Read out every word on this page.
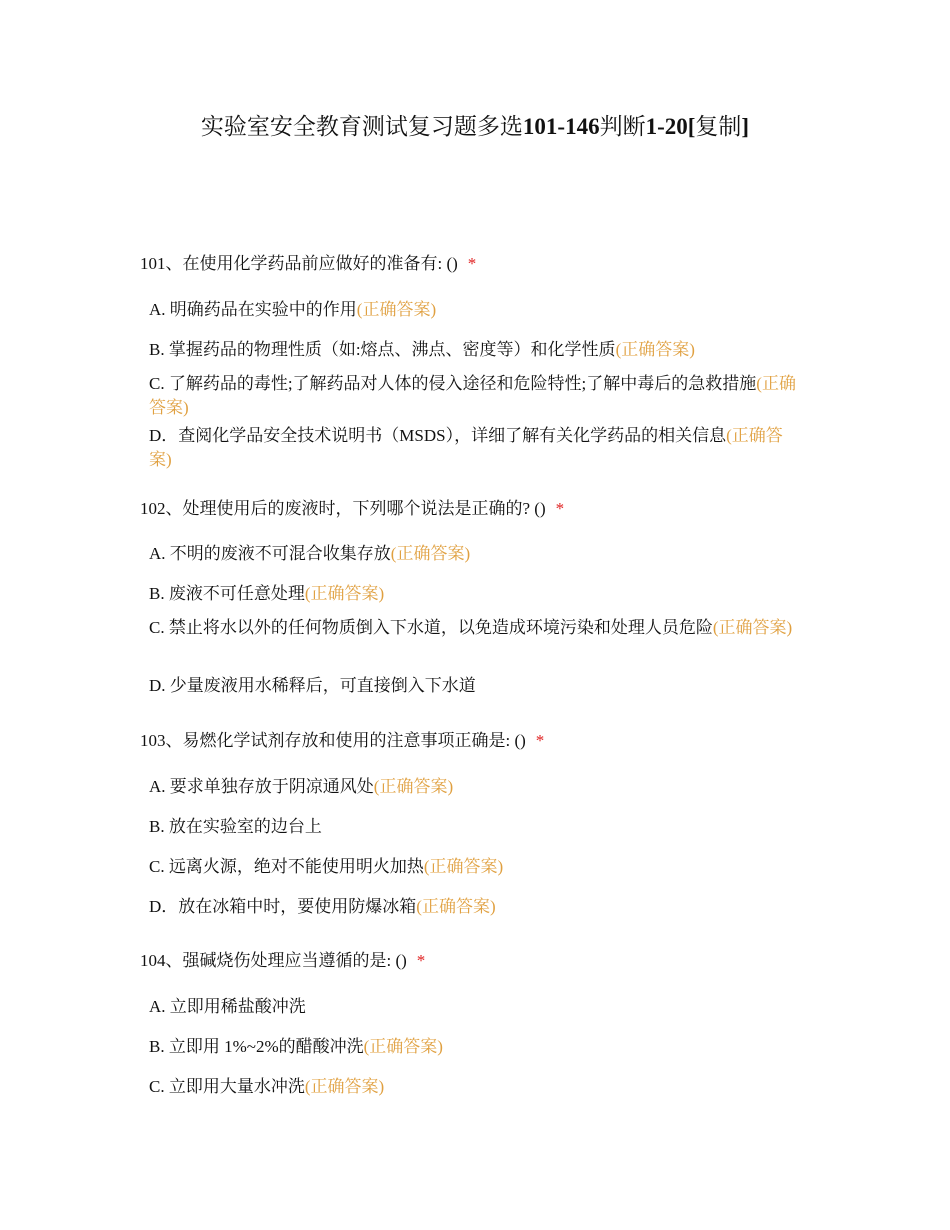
实验室安全教育测试复习题多选101-146判断1-20[复制]
101、在使用化学药品前应做好的准备有: () *
A. 明确药品在实验中的作用(正确答案)
B. 掌握药品的物理性质（如:熔点、沸点、密度等）和化学性质(正确答案)
C. 了解药品的毒性;了解药品对人体的侵入途径和危险特性;了解中毒后的急救措施(正确答案)
D．查阅化学品安全技术说明书（MSDS），详细了解有关化学药品的相关信息(正确答案)
102、处理使用后的废液时，下列哪个说法是正确的? () *
A. 不明的废液不可混合收集存放(正确答案)
B. 废液不可任意处理(正确答案)
C. 禁止将水以外的任何物质倒入下水道，以免造成环境污染和处理人员危险(正确答案)
D. 少量废液用水稀释后，可直接倒入下水道
103、易燃化学试剂存放和使用的注意事项正确是: () *
A. 要求单独存放于阴凉通风处(正确答案)
B. 放在实验室的边台上
C. 远离火源，绝对不能使用明火加热(正确答案)
D．放在冰箱中时，要使用防爆冰箱(正确答案)
104、强碱烧伤处理应当遵循的是: () *
A. 立即用稀盐酸冲洗
B. 立即用 1%~2%的醋酸冲洗(正确答案)
C. 立即用大量水冲洗(正确答案)
